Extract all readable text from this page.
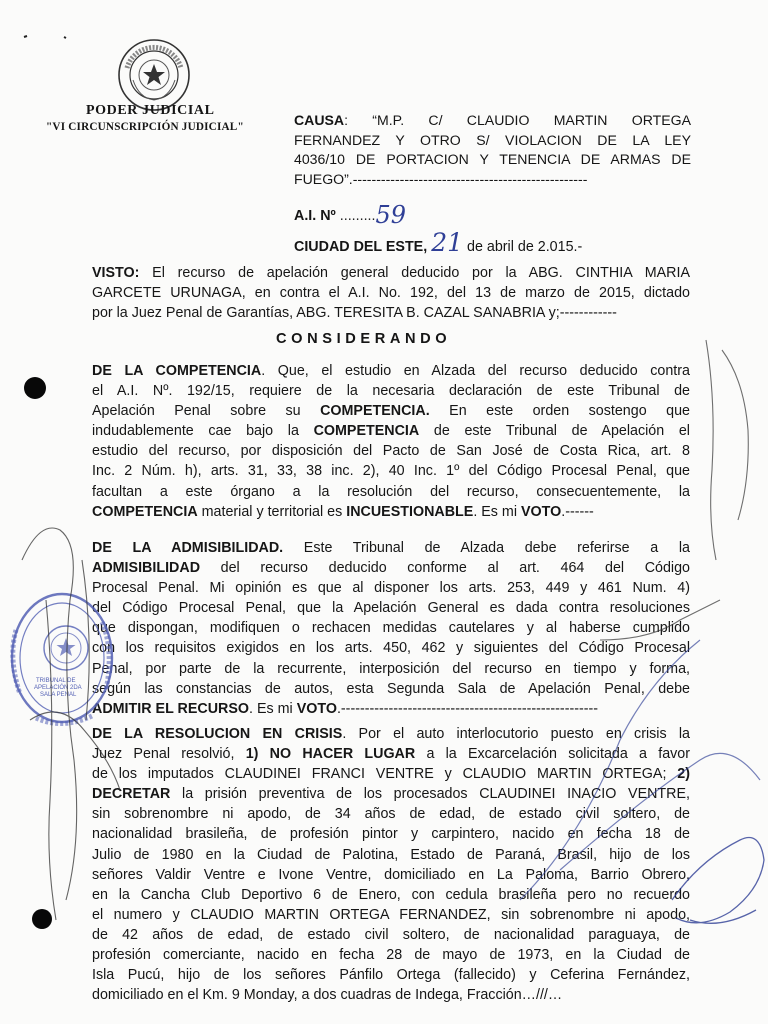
PODER JUDICIAL
"VI CIRCUNSCRIPCIÓN JUDICIAL"	CAUSA: “M.P. C/ CLAUDIO MARTIN ORTEGA
FERNANDEZ Y OTRO S/ VIOLACION DE LA LEY
4036/10 DE PORTACION Y TENENCIA DE ARMAS DE
FUEGO”.--------------------------------------------------
A.I. Nº .........59
CIUDAD DEL ESTE, 21 de abril de 2.015.-
VISTO: El recurso de apelación general deducido por la ABG. CINTHIA MARIA
GARCETE URUNAGA, en contra el A.I. No. 192, del 13 de marzo de 2015, dictado
por la Juez Penal de Garantías, ABG. TERESITA B. CAZAL SANABRIA y;------------
CONSIDERANDO
DE LA COMPETENCIA. Que, el estudio en Alzada del recurso deducido contra
el A.I. Nº. 192/15, requiere de la necesaria declaración de este Tribunal de
Apelación Penal sobre su COMPETENCIA. En este orden sostengo que
indudablemente cae bajo la COMPETENCIA de este Tribunal de Apelación el
estudio del recurso, por disposición del Pacto de San José de Costa Rica, art. 8
Inc. 2 Núm. h), arts. 31, 33, 38 inc. 2), 40 Inc. 1º del Código Procesal Penal, que
facultan a este órgano a la resolución del recurso, consecuentemente, la
COMPETENCIA material y territorial es INCUESTIONABLE. Es mi VOTO.------
DE LA ADMISIBILIDAD. Este Tribunal de Alzada debe referirse a la
ADMISIBILIDAD del recurso deducido conforme al art. 464 del Código
Procesal Penal. Mi opinión es que al disponer los arts. 253, 449 y 461 Num. 4)
del Código Procesal Penal, que la Apelación General es dada contra resoluciones
que dispongan, modifiquen o rechacen medidas cautelares y al haberse cumplido
con los requisitos exigidos en los arts. 450, 462 y siguientes del Código Procesal
Penal, por parte de la recurrente, interposición del recurso en tiempo y forma,
según las constancias de autos, esta Segunda Sala de Apelación Penal, debe
ADMITIR EL RECURSO. Es mi VOTO.------------------------------------------------------
DE LA RESOLUCION EN CRISIS. Por el auto interlocutorio puesto en crisis la
Juez Penal resolvió, 1) NO HACER LUGAR a la Excarcelación solicitada a favor
de los imputados CLAUDINEI FRANCI VENTRE y CLAUDIO MARTIN ORTEGA; 2)
DECRETAR la prisión preventiva de los procesados CLAUDINEI INACIO VENTRE,
sin sobrenombre ni apodo, de 34 años de edad, de estado civil soltero, de
nacionalidad brasileña, de profesión pintor y carpintero, nacido en fecha 18 de
Julio de 1980 en la Ciudad de Palotina, Estado de Paraná, Brasil, hijo de los
señores Valdir Ventre e Ivone Ventre, domiciliado en La Paloma, Barrio Obrero,
en la Cancha Club Deportivo 6 de Enero, con cedula brasileña pero no recuerdo
el numero y CLAUDIO MARTIN ORTEGA FERNANDEZ, sin sobrenombre ni apodo,
de 42 años de edad, de estado civil soltero, de nacionalidad paraguaya, de
profesión comerciante, nacido en fecha 28 de mayo de 1973, en la Ciudad de
Isla Pucú, hijo de los señores Pánfilo Ortega (fallecido) y Ceferina Fernández,
domiciliado en el Km. 9 Monday, a dos cuadras de Indega, Fracción…///…
TRIBUNAL DE
APELACIÓN 2DA
SALA PENAL
